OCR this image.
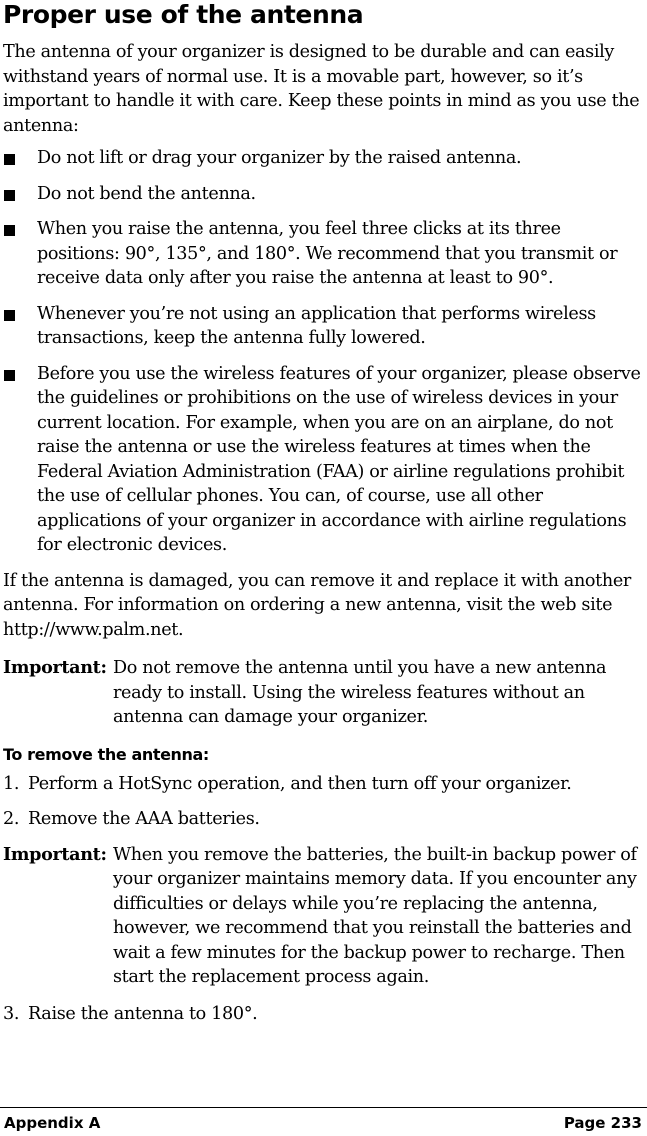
Proper use of the antenna

The antenna of your organizer is designed to be durable and can easily withstand years of normal use. It is a movable part, however, so it’s important to handle it with care. Keep these points in mind as you use the antenna:

Do not lift or drag your organizer by the raised antenna.
Do not bend the antenna.
When you raise the antenna, you feel three clicks at its three positions: 90°, 135°, and 180°. We recommend that you transmit or receive data only after you raise the antenna at least to 90°.
Whenever you’re not using an application that performs wireless transactions, keep the antenna fully lowered.
Before you use the wireless features of your organizer, please observe the guidelines or prohibitions on the use of wireless devices in your current location. For example, when you are on an airplane, do not raise the antenna or use the wireless features at times when the Federal Aviation Administration (FAA) or airline regulations prohibit the use of cellular phones. You can, of course, use all other applications of your organizer in accordance with airline regulations for electronic devices.

If the antenna is damaged, you can remove it and replace it with another antenna. For information on ordering a new antenna, visit the web site http://www.palm.net.

Important: Do not remove the antenna until you have a new antenna ready to install. Using the wireless features without an antenna can damage your organizer.
To remove the antenna:
1. Perform a HotSync operation, and then turn off your organizer.
2. Remove the AAA batteries.
Important: When you remove the batteries, the built-in backup power of your organizer maintains memory data. If you encounter any difficulties or delays while you’re replacing the antenna, however, we recommend that you reinstall the batteries and wait a few minutes for the backup power to recharge. Then start the replacement process again.
3. Raise the antenna to 180°.
Appendix A	Page 233
